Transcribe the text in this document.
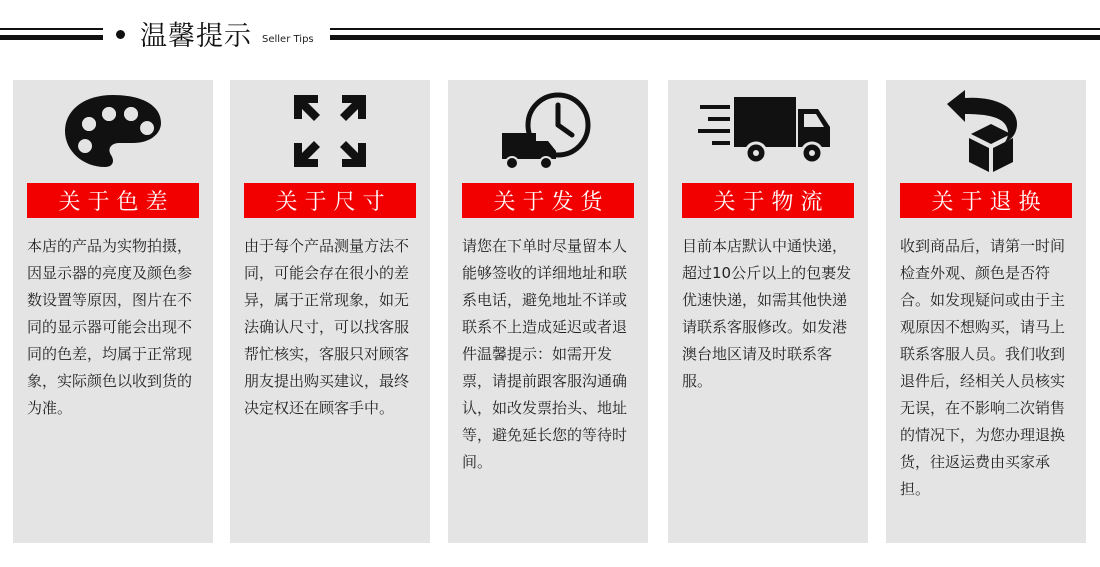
温馨提示 Seller Tips
关于色差

本店的产品为实物拍摄，因显示器的亮度及颜色参数设置等原因，图片在不同的显示器可能会出现不同的色差，均属于正常现象，实际颜色以收到货的为准。

关于尺寸

由于每个产品测量方法不同，可能会存在很小的差异，属于正常现象，如无法确认尺寸，可以找客服帮忙核实，客服只对顾客朋友提出购买建议，最终决定权还在顾客手中。

关于发货

请您在下单时尽量留本人能够签收的详细地址和联系电话，避免地址不详或联系不上造成延迟或者退件温馨提示：如需开发票，请提前跟客服沟通确认，如改发票抬头、地址等，避免延长您的等待时间。

关于物流

目前本店默认中通快递，超过10公斤以上的包裹发优速快递，如需其他快递请联系客服修改。如发港澳台地区请及时联系客服。

关于退换

收到商品后，请第一时间检查外观、颜色是否符合。如发现疑问或由于主观原因不想购买，请马上联系客服人员。我们收到退件后，经相关人员核实无误，在不影响二次销售的情况下，为您办理退换货，往返运费由买家承担。
